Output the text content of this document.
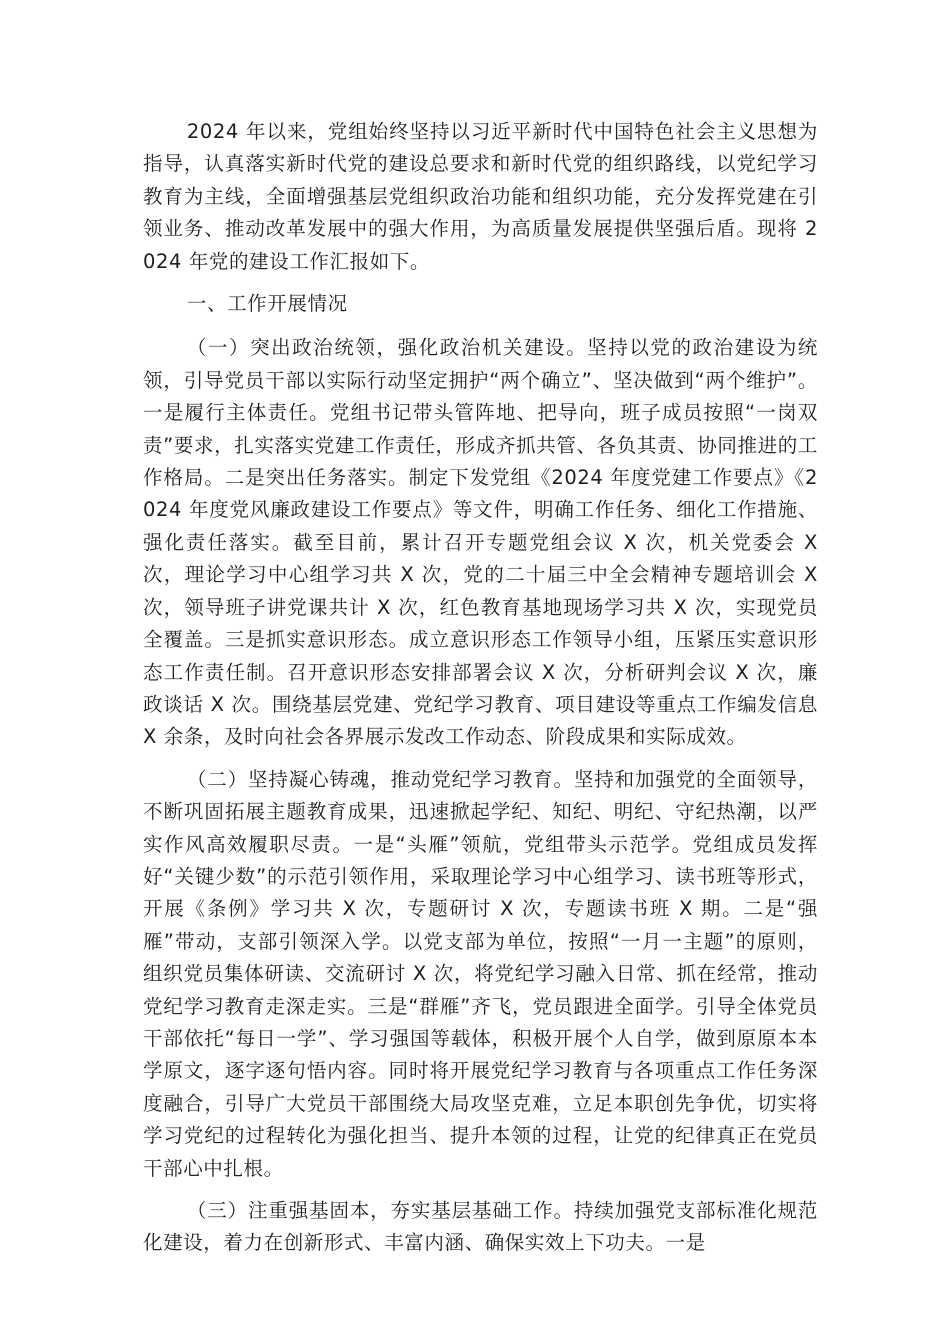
2024 年以来，党组始终坚持以习近平新时代中国特色社会主义思想为指导，认真落实新时代党的建设总要求和新时代党的组织路线，以党纪学习教育为主线，全面增强基层党组织政治功能和组织功能，充分发挥党建在引领业务、推动改革发展中的强大作用，为高质量发展提供坚强后盾。现将 2024 年党的建设工作汇报如下。

一、工作开展情况

（一）突出政治统领，强化政治机关建设。坚持以党的政治建设为统领，引导党员干部以实际行动坚定拥护“两个确立”、坚决做到“两个维护”。一是履行主体责任。党组书记带头管阵地、把导向，班子成员按照“一岗双责”要求，扎实落实党建工作责任，形成齐抓共管、各负其责、协同推进的工作格局。二是突出任务落实。制定下发党组《2024 年度党建工作要点》《2024 年度党风廉政建设工作要点》等文件，明确工作任务、细化工作措施、强化责任落实。截至目前，累计召开专题党组会议 X 次，机关党委会 X 次，理论学习中心组学习共 X 次，党的二十届三中全会精神专题培训会 X 次，领导班子讲党课共计 X 次，红色教育基地现场学习共 X 次，实现党员全覆盖。三是抓实意识形态。成立意识形态工作领导小组，压紧压实意识形态工作责任制。召开意识形态安排部署会议 X 次，分析研判会议 X 次，廉政谈话 X 次。围绕基层党建、党纪学习教育、项目建设等重点工作编发信息 X 余条，及时向社会各界展示发改工作动态、阶段成果和实际成效。

（二）坚持凝心铸魂，推动党纪学习教育。坚持和加强党的全面领导，不断巩固拓展主题教育成果，迅速掀起学纪、知纪、明纪、守纪热潮，以严实作风高效履职尽责。一是“头雁”领航，党组带头示范学。党组成员发挥好“关键少数”的示范引领作用，采取理论学习中心组学习、读书班等形式，开展《条例》学习共 X 次，专题研讨 X 次，专题读书班 X 期。二是“强雁”带动，支部引领深入学。以党支部为单位，按照“一月一主题”的原则，组织党员集体研读、交流研讨 X 次，将党纪学习融入日常、抓在经常，推动党纪学习教育走深走实。三是“群雁”齐飞，党员跟进全面学。引导全体党员干部依托“每日一学”、学习强国等载体，积极开展个人自学，做到原原本本学原文，逐字逐句悟内容。同时将开展党纪学习教育与各项重点工作任务深度融合，引导广大党员干部围绕大局攻坚克难，立足本职创先争优，切实将学习党纪的过程转化为强化担当、提升本领的过程，让党的纪律真正在党员干部心中扎根。

（三）注重强基固本，夯实基层基础工作。持续加强党支部标准化规范化建设，着力在创新形式、丰富内涵、确保实效上下功夫。一是
